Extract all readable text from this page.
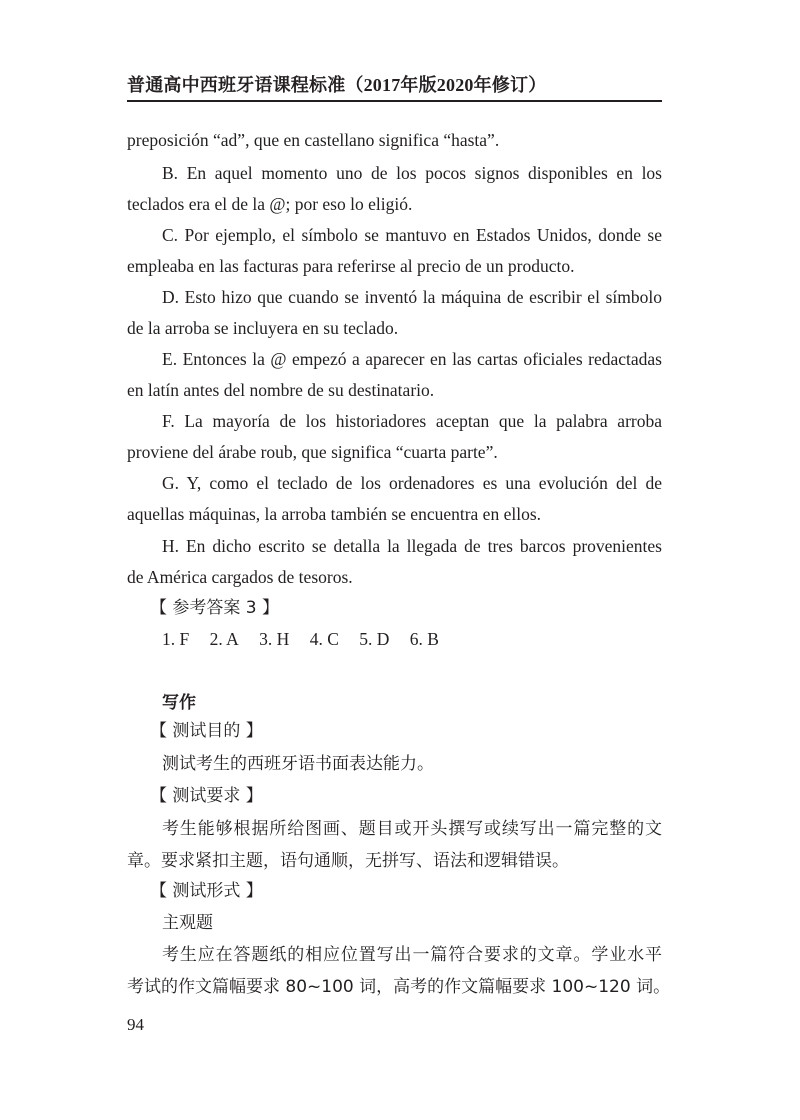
普通高中西班牙语课程标准（2017年版2020年修订）
preposición “ad”, que en castellano significa “hasta”.
B. En aquel momento uno de los pocos signos disponibles en los
teclados era el de la @; por eso lo eligió.
C. Por ejemplo, el símbolo se mantuvo en Estados Unidos, donde se
empleaba en las facturas para referirse al precio de un producto.
D. Esto hizo que cuando se inventó la máquina de escribir el símbolo
de la arroba se incluyera en su teclado.
E. Entonces la @ empezó a aparecer en las cartas oficiales redactadas
en latín antes del nombre de su destinatario.
F. La mayoría de los historiadores aceptan que la palabra arroba
proviene del árabe roub, que significa “cuarta parte”.
G. Y, como el teclado de los ordenadores es una evolución del de
aquellas máquinas, la arroba también se encuentra en ellos.
H. En dicho escrito se detalla la llegada de tres barcos provenientes
de América cargados de tesoros.
【 参考答案 3 】
1. F 2. A 3. H 4. C 5. D 6. B
写作
【 测试目的 】
测试考生的西班牙语书面表达能力。
【 测试要求 】
考生能够根据所给图画、题目或开头撰写或续写出一篇完整的文
章。要求紧扣主题，语句通顺，无拼写、语法和逻辑错误。
【 测试形式 】
主观题
考生应在答题纸的相应位置写出一篇符合要求的文章。学业水平
考试的作文篇幅要求 80~100 词，高考的作文篇幅要求 100~120 词。
94
